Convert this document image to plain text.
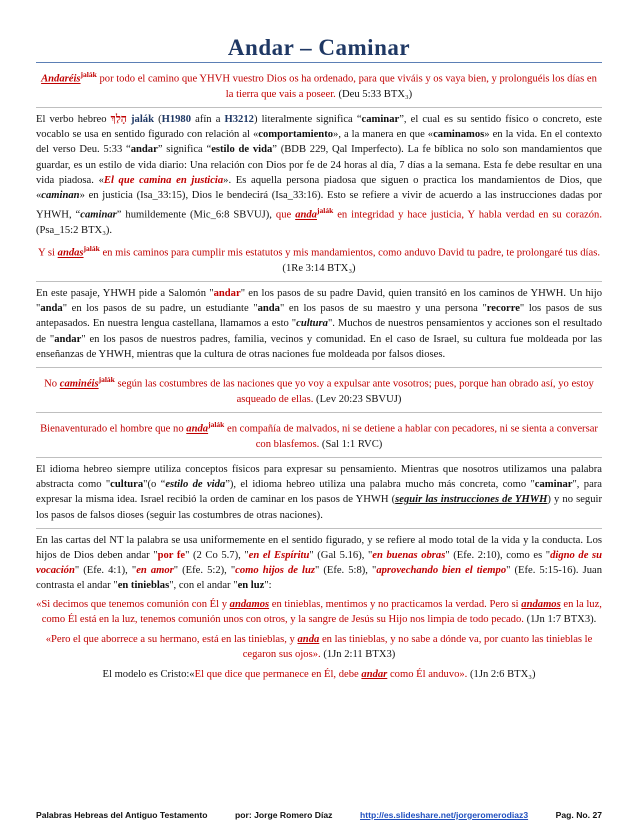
Andar – Caminar

Andaréis$^{jalák}$ por todo el camino que YHVH vuestro Dios os ha ordenado, para que viváis y os vaya bien, y prolonguéis los días en la tierra que vais a poseer. (Deu 5:33 BTX₃)

El verbo hebreo הָלַךְ jalák (H1980 afín a H3212) literalmente significa “caminar”, el cual es su sentido físico o concreto, este vocablo se usa en sentido figurado con relación al «comportamiento», a la manera en que «caminamos» en la vida. En el contexto del verso Deu. 5:33 “andar” significa “estilo de vida” (BDB 229, Qal Imperfecto). La fe bíblica no solo son mandamientos que guardar, es un estilo de vida diario: Una relación con Dios por fe de 24 horas al día, 7 días a la semana. Esta fe debe resultar en una vida piadosa. «El que camina en justicia». Es aquella persona piadosa que siguen o practica los mandamientos de Dios, que «caminan» en justicia (Isa_33:15), Dios le bendecirá (Isa_33:16). Esto se refiere a vivir de acuerdo a las instrucciones dadas por YHWH, “caminar” humildemente (Mic_6:8 SBVUJ), que anda$^{jalák}$ en integridad y hace justicia, Y habla verdad en su corazón. (Psa_15:2 BTX₃).

Y si andas$^{jalák}$ en mis caminos para cumplir mis estatutos y mis mandamientos, como anduvo David tu padre, te prolongaré tus días. (1Re 3:14 BTX₃)

En este pasaje, YHWH pide a Salomón "andar" en los pasos de su padre David, quien transitó en los caminos de YHWH. Un hijo "anda" en los pasos de su padre, un estudiante "anda" en los pasos de su maestro y una persona "recorre" los pasos de sus antepasados. En nuestra lengua castellana, llamamos a esto "cultura". Muchos de nuestros pensamientos y acciones son el resultado de "andar" en los pasos de nuestros padres, familia, vecinos y comunidad. En el caso de Israel, su cultura fue moldeada por las enseñanzas de YHWH, mientras que la cultura de otras naciones fue moldeada por falsos dioses.

No caminéis$^{jalák}$ según las costumbres de las naciones que yo voy a expulsar ante vosotros; pues, porque han obrado así, yo estoy asqueado de ellas. (Lev 20:23 SBVUJ)

Bienaventurado el hombre que no anda$^{jalák}$ en compañía de malvados, ni se detiene a hablar con pecadores, ni se sienta a conversar con blasfemos. (Sal 1:1 RVC)

El idioma hebreo siempre utiliza conceptos físicos para expresar su pensamiento. Mientras que nosotros utilizamos una palabra abstracta como "cultura"(o “estilo de vida”), el idioma hebreo utiliza una palabra mucho más concreta, como "caminar", para expresar la misma idea. Israel recibió la orden de caminar en los pasos de YHWH (seguir las instrucciones de YHWH) y no seguir los pasos de falsos dioses (seguir las costumbres de otras naciones).

En las cartas del NT la palabra se usa uniformemente en el sentido figurado, y se refiere al modo total de la vida y la conducta. Los hijos de Dios deben andar "por fe" (2 Co 5.7), "en el Espíritu" (Gal 5.16), "en buenas obras" (Efe. 2:10), como es "digno de su vocación" (Efe. 4:1), "en amor" (Efe. 5:2), "como hijos de luz" (Efe. 5:8), "aprovechando bien el tiempo" (Efe. 5:15-16). Juan contrasta el andar "en tinieblas", con el andar "en luz":

«Si decimos que tenemos comunión con Él y andamos en tinieblas, mentimos y no practicamos la verdad. Pero si andamos en la luz, como Él está en la luz, tenemos comunión unos con otros, y la sangre de Jesús su Hijo nos limpia de todo pecado. (1Jn 1:7 BTX3).

«Pero el que aborrece a su hermano, está en las tinieblas, y anda en las tinieblas, y no sabe a dónde va, por cuanto las tinieblas le cegaron sus ojos». (1Jn 2:11 BTX3)

El modelo es Cristo:«El que dice que permanece en Él, debe andar como Él anduvo». (1Jn 2:6 BTX₃)

Palabras Hebreas del Antiguo Testamento	por: Jorge Romero Díaz	http://es.slideshare.net/jorgeromerodiaz3	Pag. No. 27
